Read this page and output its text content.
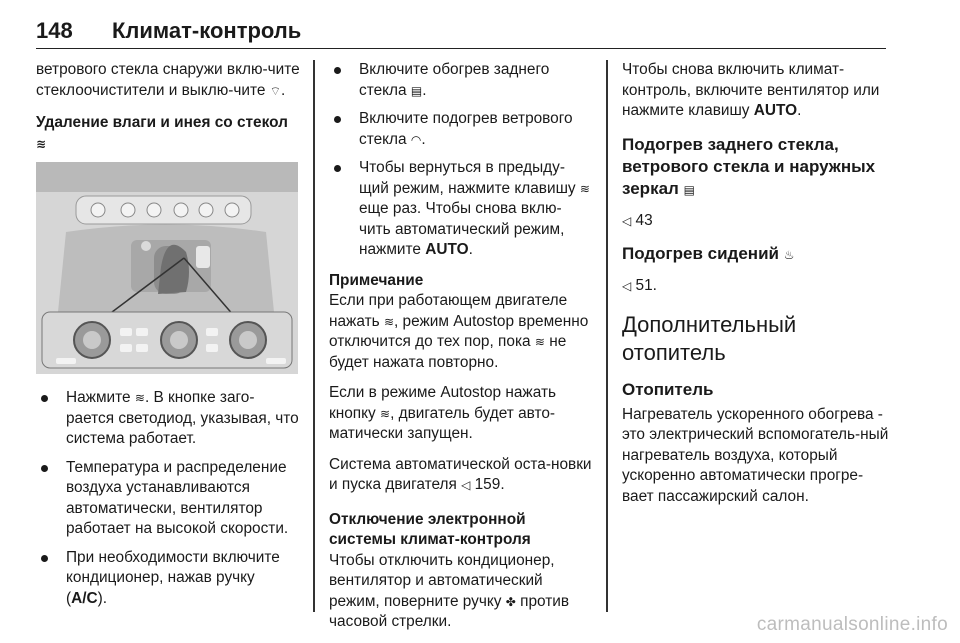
148	Климат-контроль

ветрового стекла снаружи вклю-чите стеклоочистители и выклю-чите ⌔.

Удаление влаги и инея со стекол ≋
Нажмите ≋. В кнопке заго-рается светодиод, указывая, что система работает.
Температура и распределение воздуха устанавливаются автоматически, вентилятор работает на высокой скорости.
При необходимости включите кондиционер, нажав ручку (A/C).
Включите обогрев заднего стекла ▤.
Включите подогрев ветрового стекла ◠.
Чтобы вернуться в предыду-щий режим, нажмите клавишу ≋ еще раз. Чтобы снова вклю-чить автоматический режим, нажмите AUTO.
Примечание

Если при работающем двигателе нажать ≋, режим Autostop временно отключится до тех пор, пока ≋ не будет нажата повторно.

Если в режиме Autostop нажать кнопку ≋, двигатель будет авто-матически запущен.

Система автоматической оста-новки и пуска двигателя ◁ 159.

Отключение электронной системы климат-контроля

Чтобы отключить кондиционер, вентилятор и автоматический режим, поверните ручку ✤ против часовой стрелки.

Чтобы снова включить климат-контроль, включите вентилятор или нажмите клавишу AUTO.

Подогрев заднего стекла, ветрового стекла и наружных зеркал ▤

◁ 43

Подогрев сидений ♨

◁ 51.

Дополнительный отопитель
Отопитель

Нагреватель ускоренного обогрева - это электрический вспомогатель-ный нагреватель воздуха, который ускоренно автоматически прогре-вает пассажирский салон.

carmanualsonline.info
